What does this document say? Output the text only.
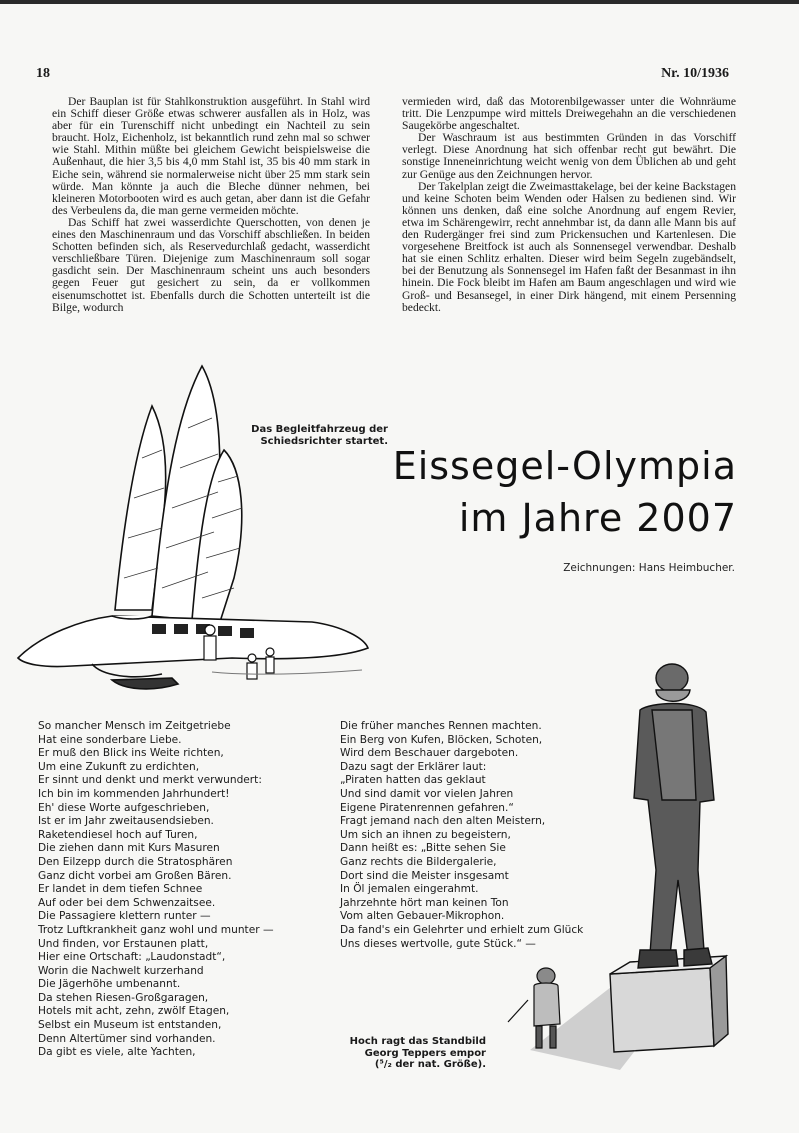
18	Nr. 10/1936

Der Bauplan ist für Stahlkonstruktion ausgeführt. In Stahl wird ein Schiff dieser Größe etwas schwerer ausfallen als in Holz, was aber für ein Turenschiff nicht unbedingt ein Nachteil zu sein braucht. Holz, Eichenholz, ist bekanntlich rund zehn mal so schwer wie Stahl. Mithin müßte bei gleichem Gewicht beispielsweise die Außenhaut, die hier 3,5 bis 4,0 mm Stahl ist, 35 bis 40 mm stark in Eiche sein, während sie normalerweise nicht über 25 mm stark sein würde. Man könnte ja auch die Bleche dünner nehmen, bei kleineren Motorbooten wird es auch getan, aber dann ist die Gefahr des Verbeulens da, die man gerne vermeiden möchte.

Das Schiff hat zwei wasserdichte Querschotten, von denen je eines den Maschinenraum und das Vorschiff abschließen. In beiden Schotten befinden sich, als Reservedurchlaß gedacht, wasserdicht verschließbare Türen. Diejenige zum Maschinenraum soll sogar gasdicht sein. Der Maschinenraum scheint uns auch besonders gegen Feuer gut gesichert zu sein, da er vollkommen eisenumschottet ist. Ebenfalls durch die Schotten unterteilt ist die Bilge, wodurch

vermieden wird, daß das Motorenbilgewasser unter die Wohnräume tritt. Die Lenzpumpe wird mittels Dreiwegehahn an die verschiedenen Saugekörbe angeschaltet.

Der Waschraum ist aus bestimmten Gründen in das Vorschiff verlegt. Diese Anordnung hat sich offenbar recht gut bewährt. Die sonstige Inneneinrichtung weicht wenig von dem Üblichen ab und geht zur Genüge aus den Zeichnungen hervor.

Der Takelplan zeigt die Zweimasttakelage, bei der keine Backstagen und keine Schoten beim Wenden oder Halsen zu bedienen sind. Wir können uns denken, daß eine solche Anordnung auf engem Revier, etwa im Schärengewirr, recht annehmbar ist, da dann alle Mann bis auf den Rudergänger frei sind zum Prickensuchen und Kartenlesen. Die vorgesehene Breitfock ist auch als Sonnensegel verwendbar. Deshalb hat sie einen Schlitz erhalten. Dieser wird beim Segeln zugebändselt, bei der Benutzung als Sonnensegel im Hafen faßt der Besanmast in ihn hinein. Die Fock bleibt im Hafen am Baum angeschlagen und wird wie Groß- und Besansegel, in einer Dirk hängend, mit einem Persenning bedeckt.

Das Begleitfahrzeug der Schiedsrichter startet.
Eissegel-Olympia
im Jahre 2007
Zeichnungen: Hans Heimbucher.
Hoch ragt das Standbild
Georg Teppers empor
(⁵/₂ der nat. Größe).
So mancher Mensch im Zeitgetriebe
Hat eine sonderbare Liebe.
Er muß den Blick ins Weite richten,
Um eine Zukunft zu erdichten,
Er sinnt und denkt und merkt verwundert:
Ich bin im kommenden Jahrhundert!
Eh' diese Worte aufgeschrieben,
Ist er im Jahr zweitausendsieben.
Raketendiesel hoch auf Turen,
Die ziehen dann mit Kurs Masuren
Den Eilzepp durch die Stratosphären
Ganz dicht vorbei am Großen Bären.
Er landet in dem tiefen Schnee
Auf oder bei dem Schwenzaitsee.
Die Passagiere klettern runter —
Trotz Luftkrankheit ganz wohl und munter —
Und finden, vor Erstaunen platt,
Hier eine Ortschaft: „Laudonstadt“,
Worin die Nachwelt kurzerhand
Die Jägerhöhe umbenannt.
Da stehen Riesen-Großgaragen,
Hotels mit acht, zehn, zwölf Etagen,
Selbst ein Museum ist entstanden,
Denn Altertümer sind vorhanden.
Da gibt es viele, alte Yachten,
Die früher manches Rennen machten.
Ein Berg von Kufen, Blöcken, Schoten,
Wird dem Beschauer dargeboten.
Dazu sagt der Erklärer laut:
„Piraten hatten das geklaut
Und sind damit vor vielen Jahren
Eigene Piratenrennen gefahren.“
Fragt jemand nach den alten Meistern,
Um sich an ihnen zu begeistern,
Dann heißt es: „Bitte sehen Sie
Ganz rechts die Bildergalerie,
Dort sind die Meister insgesamt
In Öl jemalen eingerahmt.
Jahrzehnte hört man keinen Ton
Vom alten Gebauer-Mikrophon.
Da fand's ein Gelehrter und erhielt zum Glück
Uns dieses wertvolle, gute Stück.“ —
